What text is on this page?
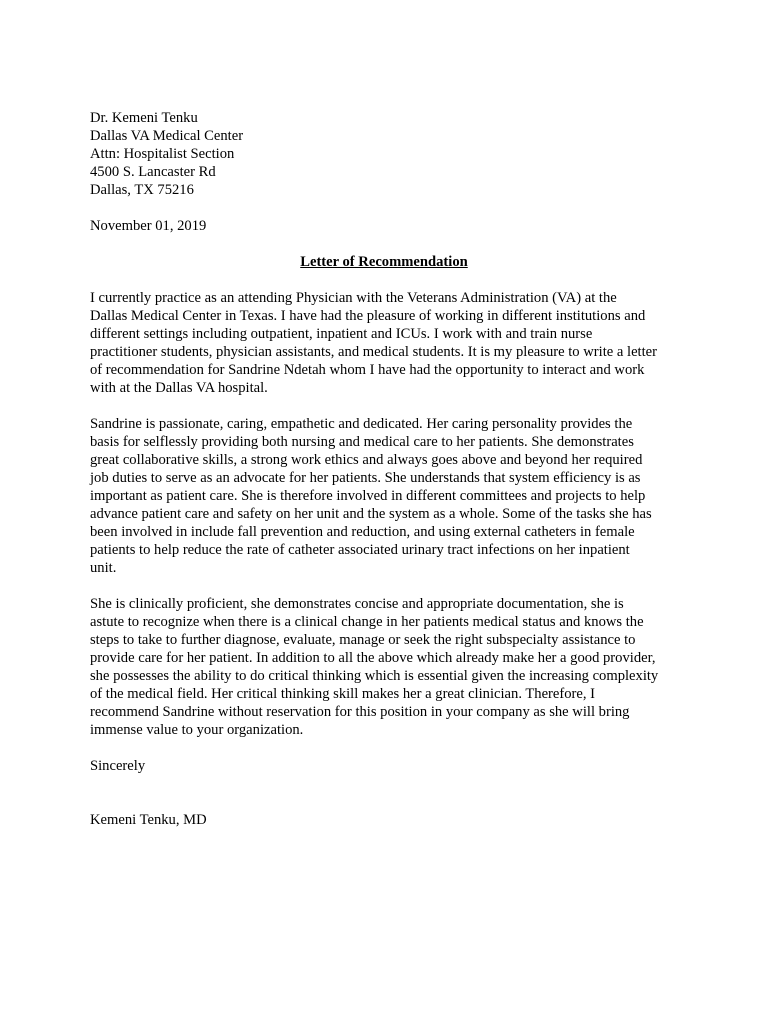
Dr. Kemeni Tenku
Dallas VA Medical Center
Attn: Hospitalist Section
4500 S. Lancaster Rd
Dallas, TX 75216
November 01, 2019
Letter of Recommendation
I currently practice as an attending Physician with the Veterans Administration (VA) at the
Dallas Medical Center in Texas. I have had the pleasure of working in different institutions and
different settings including outpatient, inpatient and ICUs. I work with and train nurse
practitioner students, physician assistants, and medical students. It is my pleasure to write a letter
of recommendation for Sandrine Ndetah whom I have had the opportunity to interact and work
with at the Dallas VA hospital.
Sandrine is passionate, caring, empathetic and dedicated. Her caring personality provides the
basis for selflessly providing both nursing and medical care to her patients. She demonstrates
great collaborative skills, a strong work ethics and always goes above and beyond her required
job duties to serve as an advocate for her patients. She understands that system efficiency is as
important as patient care. She is therefore involved in different committees and projects to help
advance patient care and safety on her unit and the system as a whole. Some of the tasks she has
been involved in include fall prevention and reduction, and using external catheters in female
patients to help reduce the rate of catheter associated urinary tract infections on her inpatient
unit.
She is clinically proficient, she demonstrates concise and appropriate documentation, she is
astute to recognize when there is a clinical change in her patients medical status and knows the
steps to take to further diagnose, evaluate, manage or seek the right subspecialty assistance to
provide care for her patient. In addition to all the above which already make her a good provider,
she possesses the ability to do critical thinking which is essential given the increasing complexity
of the medical field. Her critical thinking skill makes her a great clinician. Therefore, I
recommend Sandrine without reservation for this position in your company as she will bring
immense value to your organization.
Sincerely
Kemeni Tenku, MD
